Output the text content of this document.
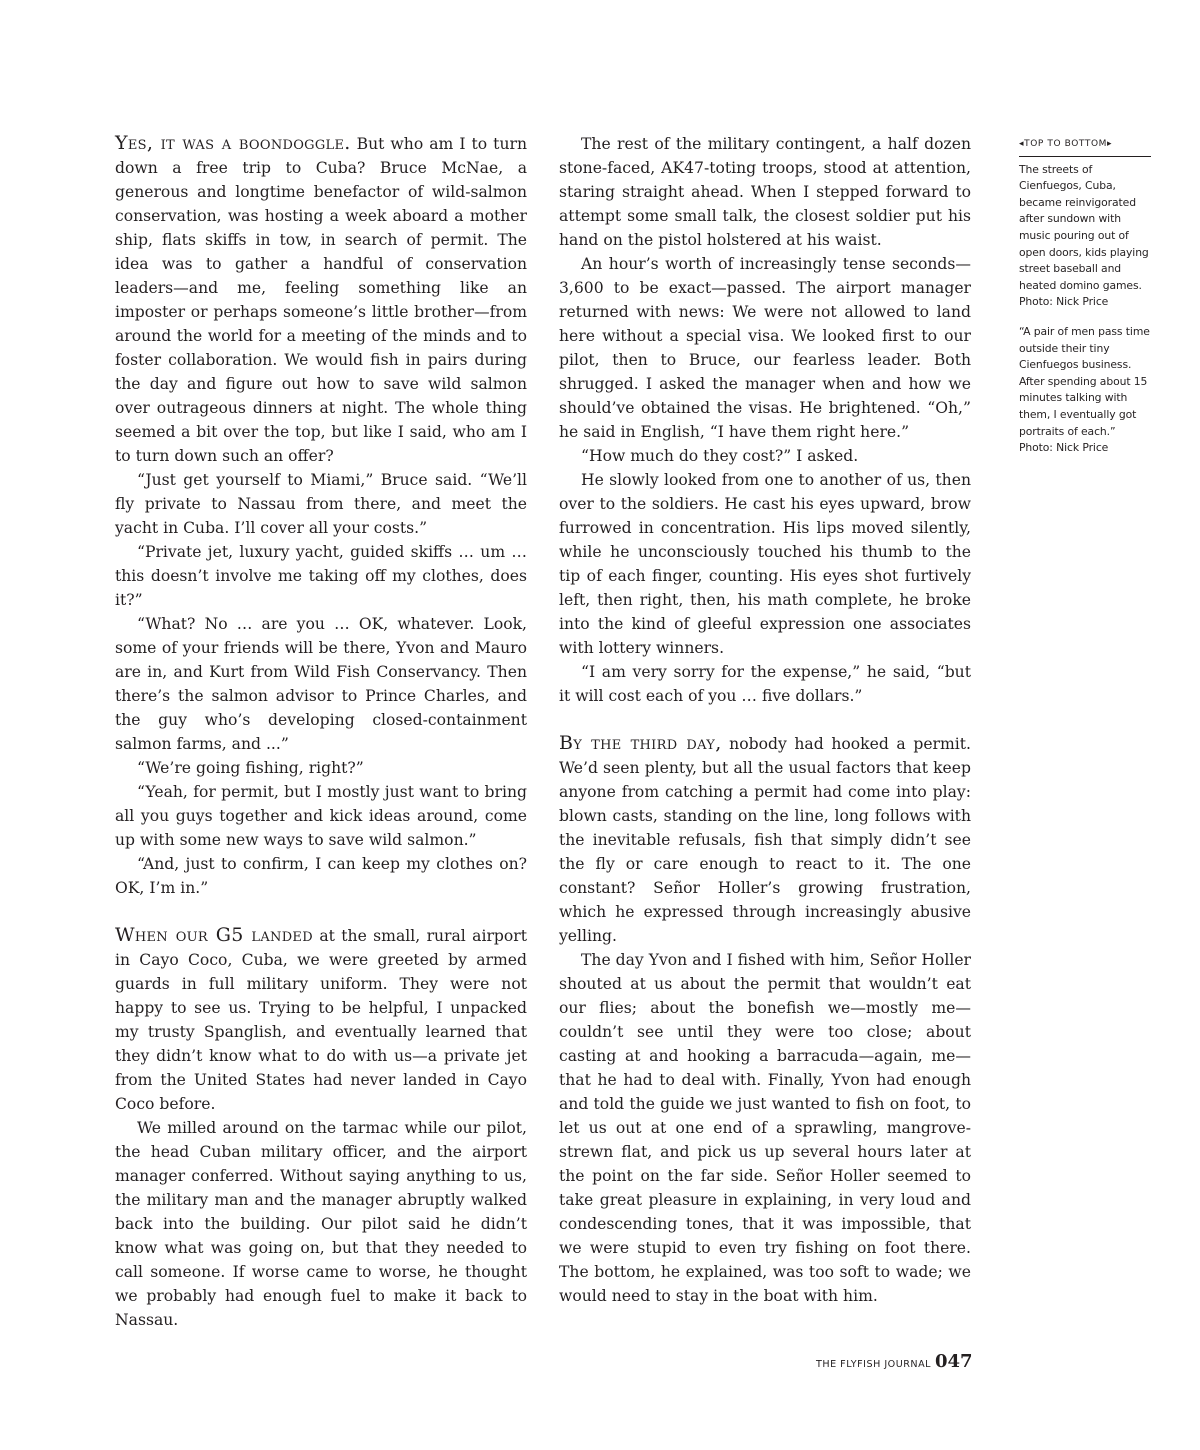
Yes, it was a boondoggle. But who am I to turn down a free trip to Cuba? Bruce McNae, a generous and longtime benefactor of wild-salmon conservation, was hosting a week aboard a mother ship, flats skiffs in tow, in search of permit. The idea was to gather a handful of conservation leaders—and me, feeling something like an imposter or perhaps someone’s little brother—from around the world for a meeting of the minds and to foster collaboration. We would fish in pairs during the day and figure out how to save wild salmon over outrageous dinners at night. The whole thing seemed a bit over the top, but like I said, who am I to turn down such an offer?

“Just get yourself to Miami,” Bruce said. “We’ll fly private to Nassau from there, and meet the yacht in Cuba. I’ll cover all your costs.”

“Private jet, luxury yacht, guided skiffs … um … this doesn’t involve me taking off my clothes, does it?”

“What? No … are you … OK, whatever. Look, some of your friends will be there, Yvon and Mauro are in, and Kurt from Wild Fish Conservancy. Then there’s the salmon advisor to Prince Charles, and the guy who’s developing closed-containment salmon farms, and ...”

“We’re going fishing, right?”

“Yeah, for permit, but I mostly just want to bring all you guys together and kick ideas around, come up with some new ways to save wild salmon.”

“And, just to confirm, I can keep my clothes on? OK, I’m in.”

When our G5 landed at the small, rural airport in Cayo Coco, Cuba, we were greeted by armed guards in full military uniform. They were not happy to see us. Trying to be helpful, I unpacked my trusty Spanglish, and eventually learned that they didn’t know what to do with us—a private jet from the United States had never landed in Cayo Coco before.

We milled around on the tarmac while our pilot, the head Cuban military officer, and the airport manager conferred. Without saying anything to us, the military man and the manager abruptly walked back into the building. Our pilot said he didn’t know what was going on, but that they needed to call someone. If worse came to worse, he thought we probably had enough fuel to make it back to Nassau.

The rest of the military contingent, a half dozen stone-faced, AK47-toting troops, stood at attention, staring straight ahead. When I stepped forward to attempt some small talk, the closest soldier put his hand on the pistol holstered at his waist.

An hour’s worth of increasingly tense seconds—3,600 to be exact—passed. The airport manager returned with news: We were not allowed to land here without a special visa. We looked first to our pilot, then to Bruce, our fearless leader. Both shrugged. I asked the manager when and how we should’ve obtained the visas. He brightened. “Oh,” he said in English, “I have them right here.”

“How much do they cost?” I asked.

He slowly looked from one to another of us, then over to the soldiers. He cast his eyes upward, brow furrowed in concentration. His lips moved silently, while he unconsciously touched his thumb to the tip of each finger, counting. His eyes shot furtively left, then right, then, his math complete, he broke into the kind of gleeful expression one associates with lottery winners.

“I am very sorry for the expense,” he said, “but it will cost each of you … five dollars.”

By the third day, nobody had hooked a permit. We’d seen plenty, but all the usual factors that keep anyone from catching a permit had come into play: blown casts, standing on the line, long follows with the inevitable refusals, fish that simply didn’t see the fly or care enough to react to it. The one constant? Señor Holler’s growing frustration, which he expressed through increasingly abusive yelling.

The day Yvon and I fished with him, Señor Holler shouted at us about the permit that wouldn’t eat our flies; about the bonefish we—mostly me—couldn’t see until they were too close; about casting at and hooking a barracuda—again, me—that he had to deal with. Finally, Yvon had enough and told the guide we just wanted to fish on foot, to let us out at one end of a sprawling, mangrove-strewn flat, and pick us up several hours later at the point on the far side. Señor Holler seemed to take great pleasure in explaining, in very loud and condescending tones, that it was impossible, that we were stupid to even try fishing on foot there. The bottom, he explained, was too soft to wade; we would need to stay in the boat with him.

◂TOP TO BOTTOM▸

The streets of Cienfuegos, Cuba, became reinvigorated after sundown with music pouring out of open doors, kids playing street baseball and heated domino games. Photo: Nick Price

“A pair of men pass time outside their tiny Cienfuegos business. After spending about 15 minutes talking with them, I eventually got portraits of each.” Photo: Nick Price

THE FLYFISH JOURNAL 047
